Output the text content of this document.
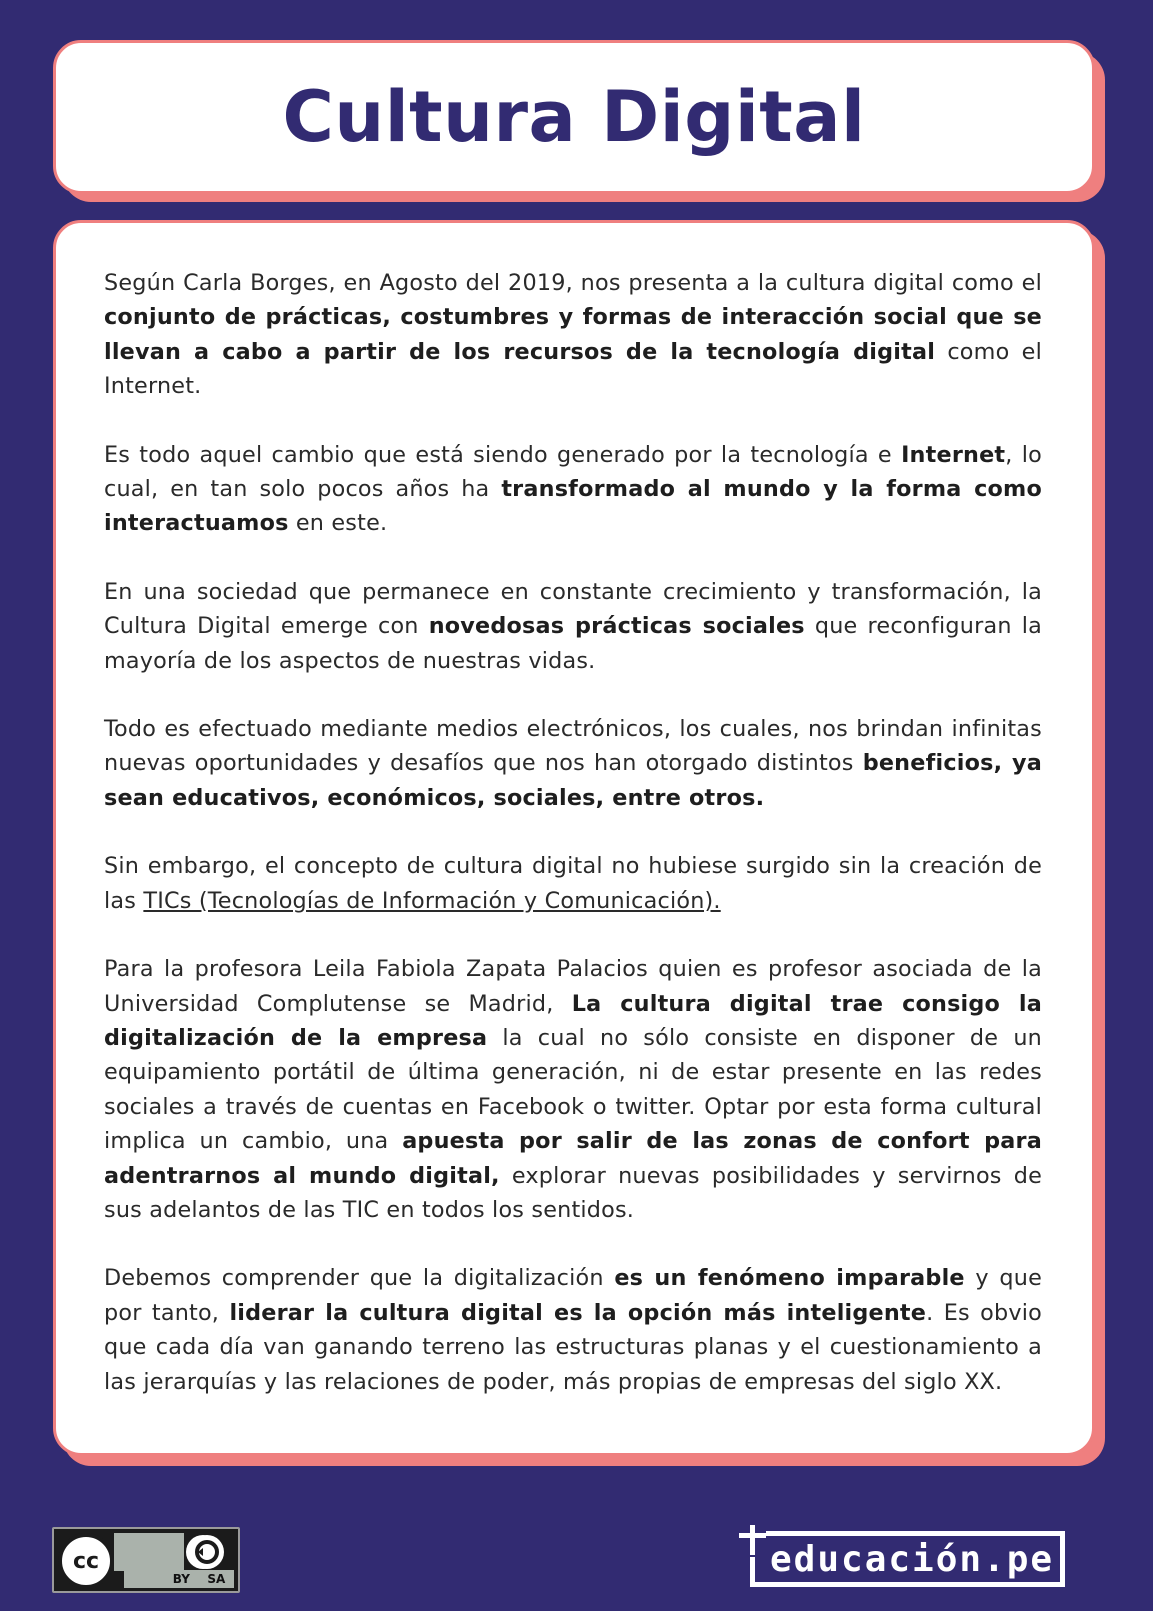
Cultura Digital

Según Carla Borges, en Agosto del 2019, nos presenta a la cultura digital como el conjunto de prácticas, costumbres y formas de interacción social que se llevan a cabo a partir de los recursos de la tecnología digital como el Internet.

Es todo aquel cambio que está siendo generado por la tecnología e Internet, lo cual, en tan solo pocos años ha transformado al mundo y la forma como interactuamos en este.

En una sociedad que permanece en constante crecimiento y transformación, la Cultura Digital emerge con novedosas prácticas sociales que reconfiguran la mayoría de los aspectos de nuestras vidas.

Todo es efectuado mediante medios electrónicos, los cuales, nos brindan infinitas nuevas oportunidades y desafíos que nos han otorgado distintos beneficios, ya sean educativos, económicos, sociales, entre otros.

Sin embargo, el concepto de cultura digital no hubiese surgido sin la creación de las TICs (Tecnologías de Información y Comunicación).

Para la profesora Leila Fabiola Zapata Palacios quien es profesor asociada de la Universidad Complutense se Madrid, La cultura digital trae consigo la digitalización de la empresa la cual no sólo consiste en disponer de un equipamiento portátil de última generación, ni de estar presente en las redes sociales a través de cuentas en Facebook o twitter. Optar por esta forma cultural implica un cambio, una apuesta por salir de las zonas de confort para adentrarnos al mundo digital, explorar nuevas posibilidades y servirnos de sus adelantos de las TIC en todos los sentidos.

Debemos comprender que la digitalización es un fenómeno imparable y que por tanto, liderar la cultura digital es la opción más inteligente. Es obvio que cada día van ganando terreno las estructuras planas y el cuestionamiento a las jerarquías y las relaciones de poder, más propias de empresas del siglo XX.

cc
BY SA	educación.pe
